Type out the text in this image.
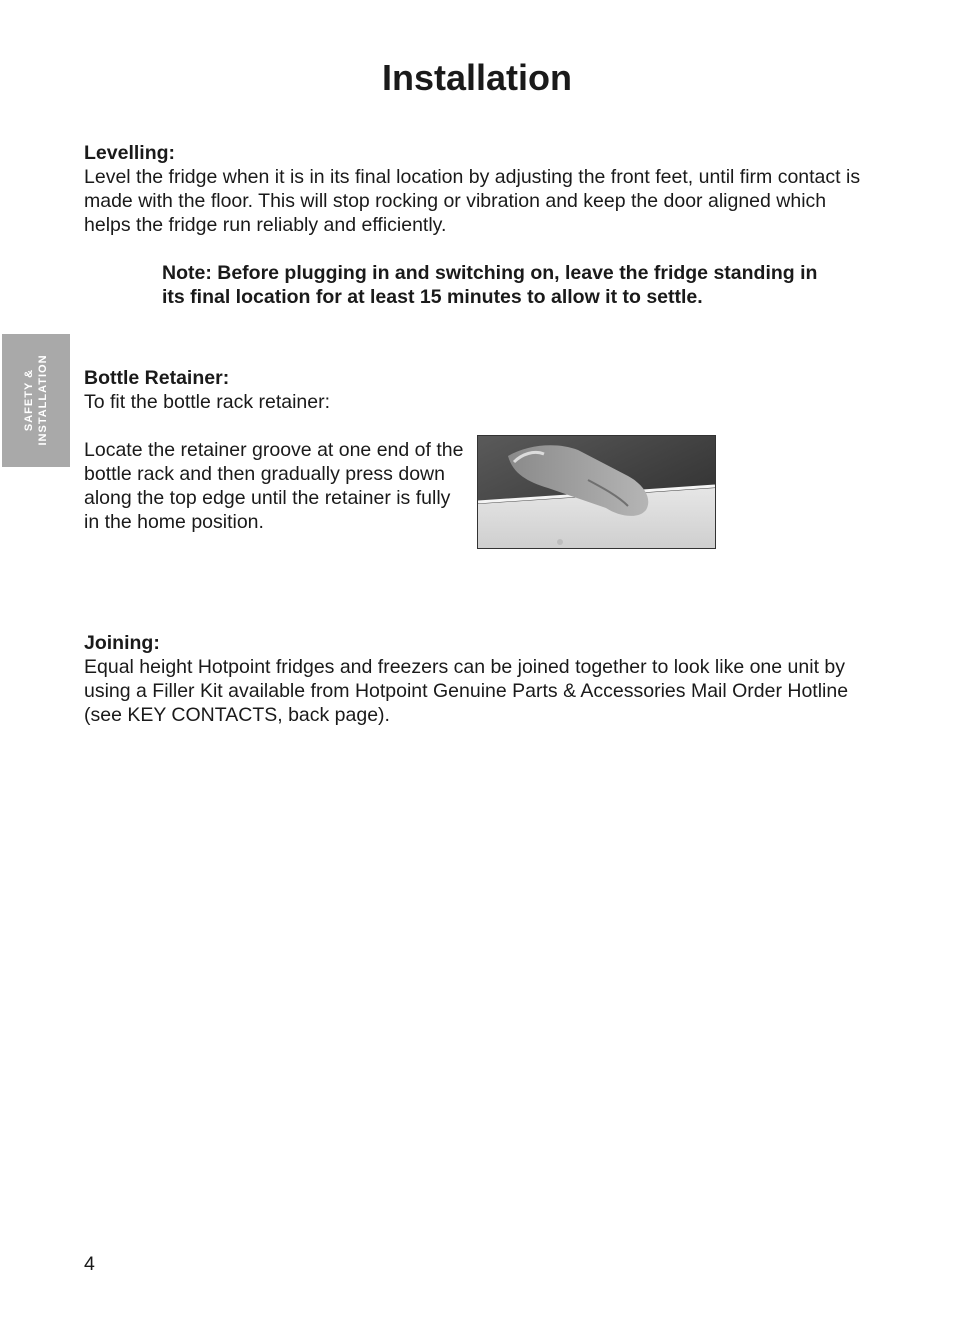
Installation
SAFETY & INSTALLATION
Levelling:

Level the fridge when it is in its final location by adjusting the front feet, until firm contact is made with the floor. This will stop rocking or vibration and keep the door aligned which helps the fridge run reliably and efficiently.

Note: Before plugging in and switching on, leave the fridge standing in its final location for at least 15 minutes to allow it to settle.
Bottle Retainer:

To fit the bottle rack retainer:

Locate the retainer groove at one end of the bottle rack and then gradually press down along the top edge until the retainer is fully in the home position.

Joining:

Equal height Hotpoint fridges and freezers can be joined together to look like one unit by using a Filler Kit available from Hotpoint Genuine Parts & Accessories Mail Order Hotline (see KEY CONTACTS, back page).

4
